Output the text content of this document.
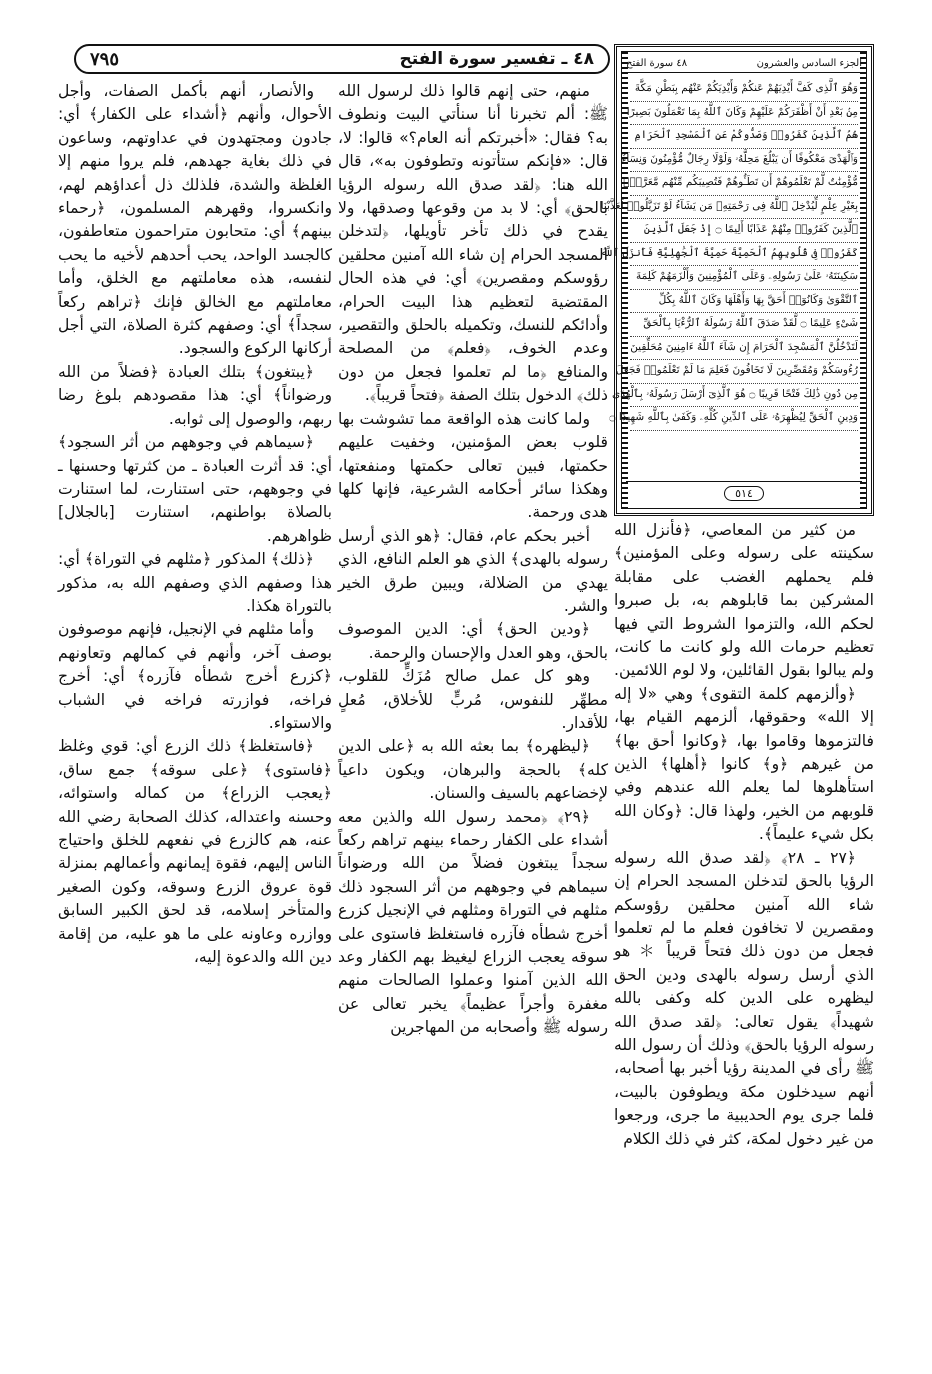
٤٨ ـ تفسير سورة الفتح
٧٩٥	الجزء السادس والعشرون
٤٨ سورة الفتح
وَهُوَ ٱلَّذِى كَفَّ أَيْدِيَهُمْ عَنكُمْ وَأَيْدِيَكُمْ عَنْهُم بِبَطْنِ مَكَّةَ
مِنۢ بَعْدِ أَنْ أَظْفَرَكُمْ عَلَيْهِمْ وَكَانَ ٱللَّهُ بِمَا تَعْمَلُونَ بَصِيرًا
هُمُ ٱلَّذِينَ كَفَرُوا۟ وَصَدُّوكُمْ عَنِ ٱلْمَسْجِدِ ٱلْحَرَامِ
وَٱلْهَدْىَ مَعْكُوفًا أَن يَبْلُغَ مَحِلَّهُۥ وَلَوْلَا رِجَالٌ مُّؤْمِنُونَ وَنِسَآءٌ
مُّؤْمِنَٰتٌ لَّمْ تَعْلَمُوهُمْ أَن تَطَـُٔوهُمْ فَتُصِيبَكُم مِّنْهُم مَّعَرَّةٌۢ
بِغَيْرِ عِلْمٍ لِّيُدْخِلَ ٱللَّهُ فِى رَحْمَتِهِۦ مَن يَشَآءُ لَوْ تَزَيَّلُوا۟ لَعَذَّبْنَا
ٱلَّذِينَ كَفَرُوا۟ مِنْهُمْ عَذَابًا أَلِيمًا ۝ إِذْ جَعَلَ ٱلَّذِينَ
كَفَرُوا۟ فِى قُلُوبِهِمُ ٱلْحَمِيَّةَ حَمِيَّةَ ٱلْجَٰهِلِيَّةِ فَأَنزَلَ ٱللَّهُ
سَكِينَتَهُۥ عَلَىٰ رَسُولِهِۦ وَعَلَى ٱلْمُؤْمِنِينَ وَأَلْزَمَهُمْ كَلِمَةَ
ٱلتَّقْوَىٰ وَكَانُوٓا۟ أَحَقَّ بِهَا وَأَهْلَهَا وَكَانَ ٱللَّهُ بِكُلِّ
شَىْءٍ عَلِيمًا ۝ لَّقَدْ صَدَقَ ٱللَّهُ رَسُولَهُ ٱلرُّءْيَا بِٱلْحَقِّ
لَتَدْخُلُنَّ ٱلْمَسْجِدَ ٱلْحَرَامَ إِن شَآءَ ٱللَّهُ ءَامِنِينَ مُحَلِّقِينَ
رُءُوسَكُمْ وَمُقَصِّرِينَ لَا تَخَافُونَ فَعَلِمَ مَا لَمْ تَعْلَمُوا۟ فَجَعَلَ
مِن دُونِ ذَٰلِكَ فَتْحًا قَرِيبًا ۝ هُوَ ٱلَّذِىٓ أَرْسَلَ رَسُولَهُۥ بِٱلْهُدَىٰ
وَدِينِ ٱلْحَقِّ لِيُظْهِرَهُۥ عَلَى ٱلدِّينِ كُلِّهِۦ وَكَفَىٰ بِٱللَّهِ شَهِيدًا ۝
٥١٤

منهم، حتى إنهم قالوا ذلك لرسول الله ﷺ: ألم تخبرنا أنا سنأتي البيت ونطوف به؟ فقال: «أخبرتكم أنه العام؟» قالوا: لا، قال: «فإنكم ستأتونه وتطوفون به»، قال الله هنا: ﴿لقد صدق الله رسوله الرؤيا بالحق﴾ أي: لا بد من وقوعها وصدقها، ولا يقدح في ذلك تأخر تأويلها، ﴿لتدخلن المسجد الحرام إن شاء الله آمنين محلقين رؤوسكم ومقصرين﴾ أي: في هذه الحال المقتضية لتعظيم هذا البيت الحرام، وأدائكم للنسك، وتكميله بالحلق والتقصير، وعدم الخوف، ﴿فعلم﴾ من المصلحة والمنافع ﴿ما لم تعلموا فجعل من دون ذلك﴾ الدخول بتلك الصفة ﴿فتحاً قريباً﴾.

ولما كانت هذه الواقعة مما تشوشت بها قلوب بعض المؤمنين، وخفيت عليهم حكمتها، فبين تعالى حكمتها ومنفعتها، وهكذا سائر أحكامه الشرعية، فإنها كلها هدى ورحمة.

أخبر بحكم عام، فقال: ﴿هو الذي أرسل رسوله بالهدى﴾ الذي هو العلم النافع، الذي يهدي من الضلالة، ويبين طرق الخير والشر.

﴿ودين الحق﴾ أي: الدين الموصوف بالحق، وهو العدل والإحسان والرحمة.

وهو كل عمل صالح مُزَكٍّ للقلوب، مطهِّر للنفوس، مُربٍّ للأخلاق، مُعلٍ للأقدار.

﴿ليظهره﴾ بما بعثه الله به ﴿على الدين كله﴾ بالحجة والبرهان، ويكون داعياً لإخضاعهم بالسيف والسنان.

﴿٢٩﴾ ﴿محمد رسول الله والذين معه أشداء على الكفار رحماء بينهم تراهم ركعاً سجداً يبتغون فضلاً من الله ورضواناً سيماهم في وجوههم من أثر السجود ذلك مثلهم في التوراة ومثلهم في الإنجيل كزرع أخرج شطأه فآزره فاستغلظ فاستوى على سوقه يعجب الزراع ليغيظ بهم الكفار وعد الله الذين آمنوا وعملوا الصالحات منهم مغفرة وأجراً عظيماً﴾ يخبر تعالى عن رسوله ﷺ وأصحابه من المهاجرين

والأنصار، أنهم بأكمل الصفات، وأجل الأحوال، وأنهم ﴿أشداء على الكفار﴾ أي: جادون ومجتهدون في عداوتهم، وساعون في ذلك بغاية جهدهم، فلم يروا منهم إلا الغلظة والشدة، فلذلك ذل أعداؤهم لهم، وانكسروا، وقهرهم المسلمون، ﴿رحماء بينهم﴾ أي: متحابون متراحمون متعاطفون، كالجسد الواحد، يحب أحدهم لأخيه ما يحب لنفسه، هذه معاملتهم مع الخلق، وأما معاملتهم مع الخالق فإنك ﴿تراهم ركعاً سجداً﴾ أي: وصفهم كثرة الصلاة، التي أجل أركانها الركوع والسجود.

﴿يبتغون﴾ بتلك العبادة ﴿فضلاً من الله ورضواناً﴾ أي: هذا مقصودهم بلوغ رضا ربهم، والوصول إلى ثوابه.

﴿سيماهم في وجوههم من أثر السجود﴾ أي: قد أثرت العبادة ـ من كثرتها وحسنها ـ في وجوههم، حتى استنارت، لما استنارت بالصلاة بواطنهم، استنارت [بالجلال] ظواهرهم.

﴿ذلك﴾ المذكور ﴿مثلهم في التوراة﴾ أي: هذا وصفهم الذي وصفهم الله به، مذكور بالتوراة هكذا.

وأما مثلهم في الإنجيل، فإنهم موصوفون بوصف آخر، وأنهم في كمالهم وتعاونهم ﴿كزرع أخرج شطأه فآزره﴾ أي: أخرج فراخه، فوازرته فراخه في الشباب والاستواء.

﴿فاستغلظ﴾ ذلك الزرع أي: قوي وغلظ ﴿فاستوى﴾ ﴿على سوقه﴾ جمع ساق، ﴿يعجب الزراع﴾ من كماله واستوائه، وحسنه واعتداله، كذلك الصحابة رضي الله عنه، هم كالزرع في نفعهم للخلق واحتياج الناس إليهم، فقوة إيمانهم وأعمالهم بمنزلة قوة عروق الزرع وسوقه، وكون الصغير والمتأخر إسلامه، قد لحق الكبير السابق ووازره وعاونه على ما هو عليه، من إقامة دين الله والدعوة إليه،

من كثير من المعاصي، ﴿فأنزل الله سكينته على رسوله وعلى المؤمنين﴾ فلم يحملهم الغضب على مقابلة المشركين بما قابلوهم به، بل صبروا لحكم الله، والتزموا الشروط التي فيها تعظيم حرمات الله ولو كانت ما كانت، ولم يبالوا بقول القائلين، ولا لوم اللائمين.

﴿وألزمهم كلمة التقوى﴾ وهي «لا إله إلا الله» وحقوقها، ألزمهم القيام بها، فالتزموها وقاموا بها، ﴿وكانوا أحق بها﴾ من غيرهم ﴿و﴾ كانوا ﴿أهلها﴾ الذين استأهلوها لما يعلم الله عندهم وفي قلوبهم من الخير، ولهذا قال: ﴿وكان الله بكل شيء عليماً﴾.

﴿٢٧ ـ ٢٨﴾ ﴿لقد صدق الله رسوله الرؤيا بالحق لتدخلن المسجد الحرام إن شاء الله آمنين محلقين رؤوسكم ومقصرين لا تخافون فعلم ما لم تعلموا فجعل من دون ذلك فتحاً قريباً ＊ هو الذي أرسل رسوله بالهدى ودين الحق ليظهره على الدين كله وكفى بالله شهيداً﴾ يقول تعالى: ﴿لقد صدق الله رسوله الرؤيا بالحق﴾ وذلك أن رسول الله ﷺ رأى في المدينة رؤيا أخبر بها أصحابه، أنهم سيدخلون مكة ويطوفون بالبيت، فلما جرى يوم الحديبية ما جرى، ورجعوا من غير دخول لمكة، كثر في ذلك الكلام
